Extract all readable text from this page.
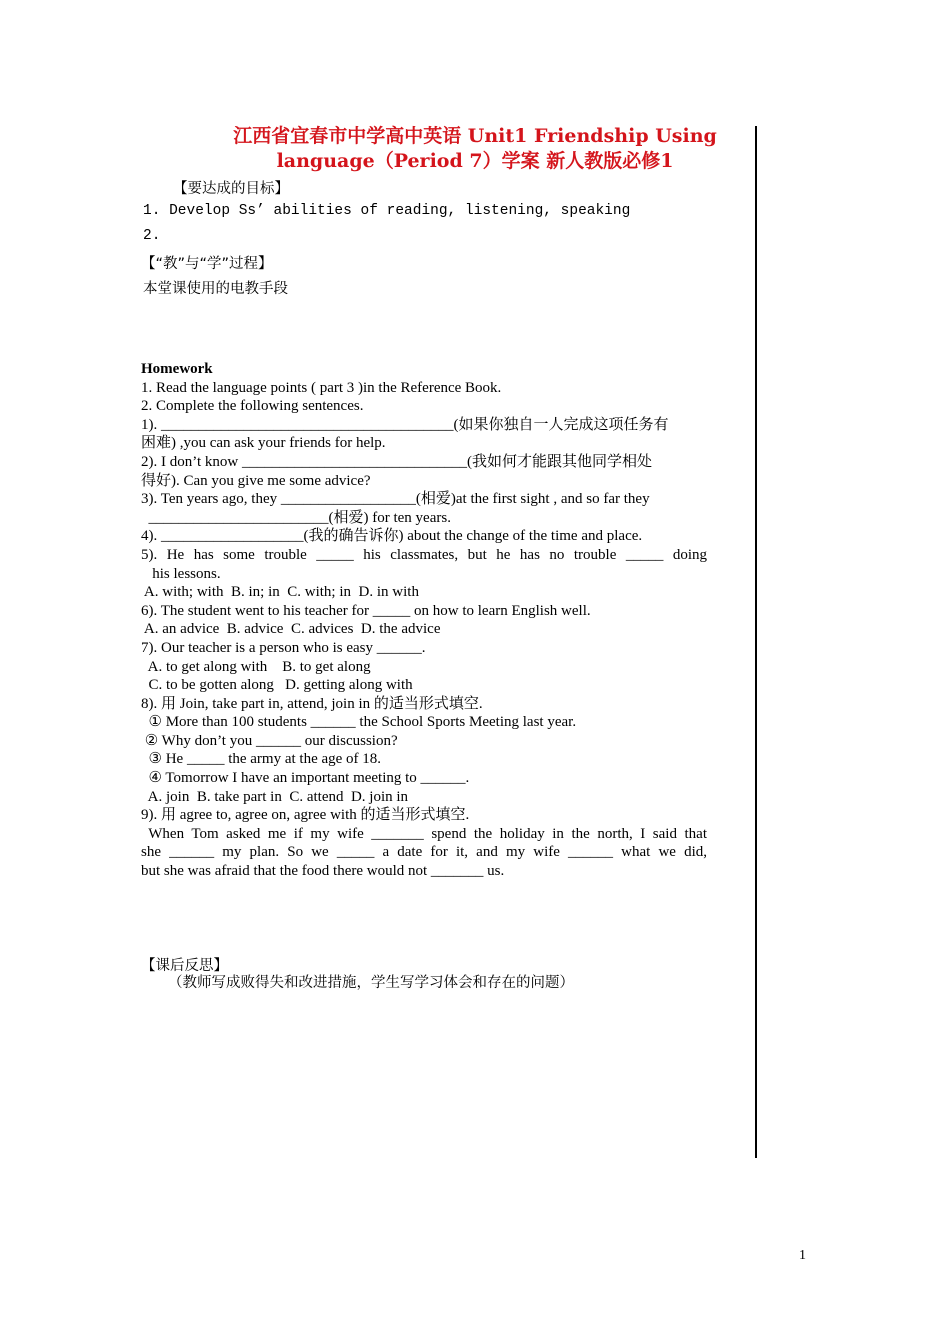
江西省宜春市中学高中英语 Unit1 Friendship Using
language（Period 7）学案 新人教版必修1
【要达成的目标】
1. Develop Ss’ abilities of reading, listening, speaking
2.
【“教”与“学”过程】
本堂课使用的电教手段

Homework

1. Read the language points ( part 3 )in the Reference Book.

2. Complete the following sentences.

1). _______________________________________(如果你独自一人完成这项任务有

困难) ,you can ask your friends for help.

2). I don’t know ______________________________(我如何才能跟其他同学相处

得好). Can you give me some advice?

3). Ten years ago, they __________________(相爱)at the first sight , and so far they

________________________(相爱) for ten years.

4). ___________________(我的确告诉你) about the change of the time and place.

5). He has some trouble _____ his classmates, but he has no trouble _____ doing

his lessons.

A. with; with  B. in; in  C. with; in  D. in with

6). The student went to his teacher for _____ on how to learn English well.

A. an advice  B. advice  C. advices  D. the advice

7). Our teacher is a person who is easy ______.

A. to get along with    B. to get along

C. to be gotten along   D. getting along with

8). 用 Join, take part in, attend, join in 的适当形式填空.

① More than 100 students ______ the School Sports Meeting last year.

② Why don’t you ______ our discussion?

③ He _____ the army at the age of 18.

④ Tomorrow I have an important meeting to ______.

A. join  B. take part in  C. attend  D. join in

9). 用 agree to, agree on, agree with 的适当形式填空.

When Tom asked me if my wife _______ spend the holiday in the north, I said that

she ______ my plan. So we _____ a date for it, and my wife ______ what we did,

but she was afraid that the food there would not _______ us.

【课后反思】
（教师写成败得失和改进措施，学生写学习体会和存在的问题）
1
